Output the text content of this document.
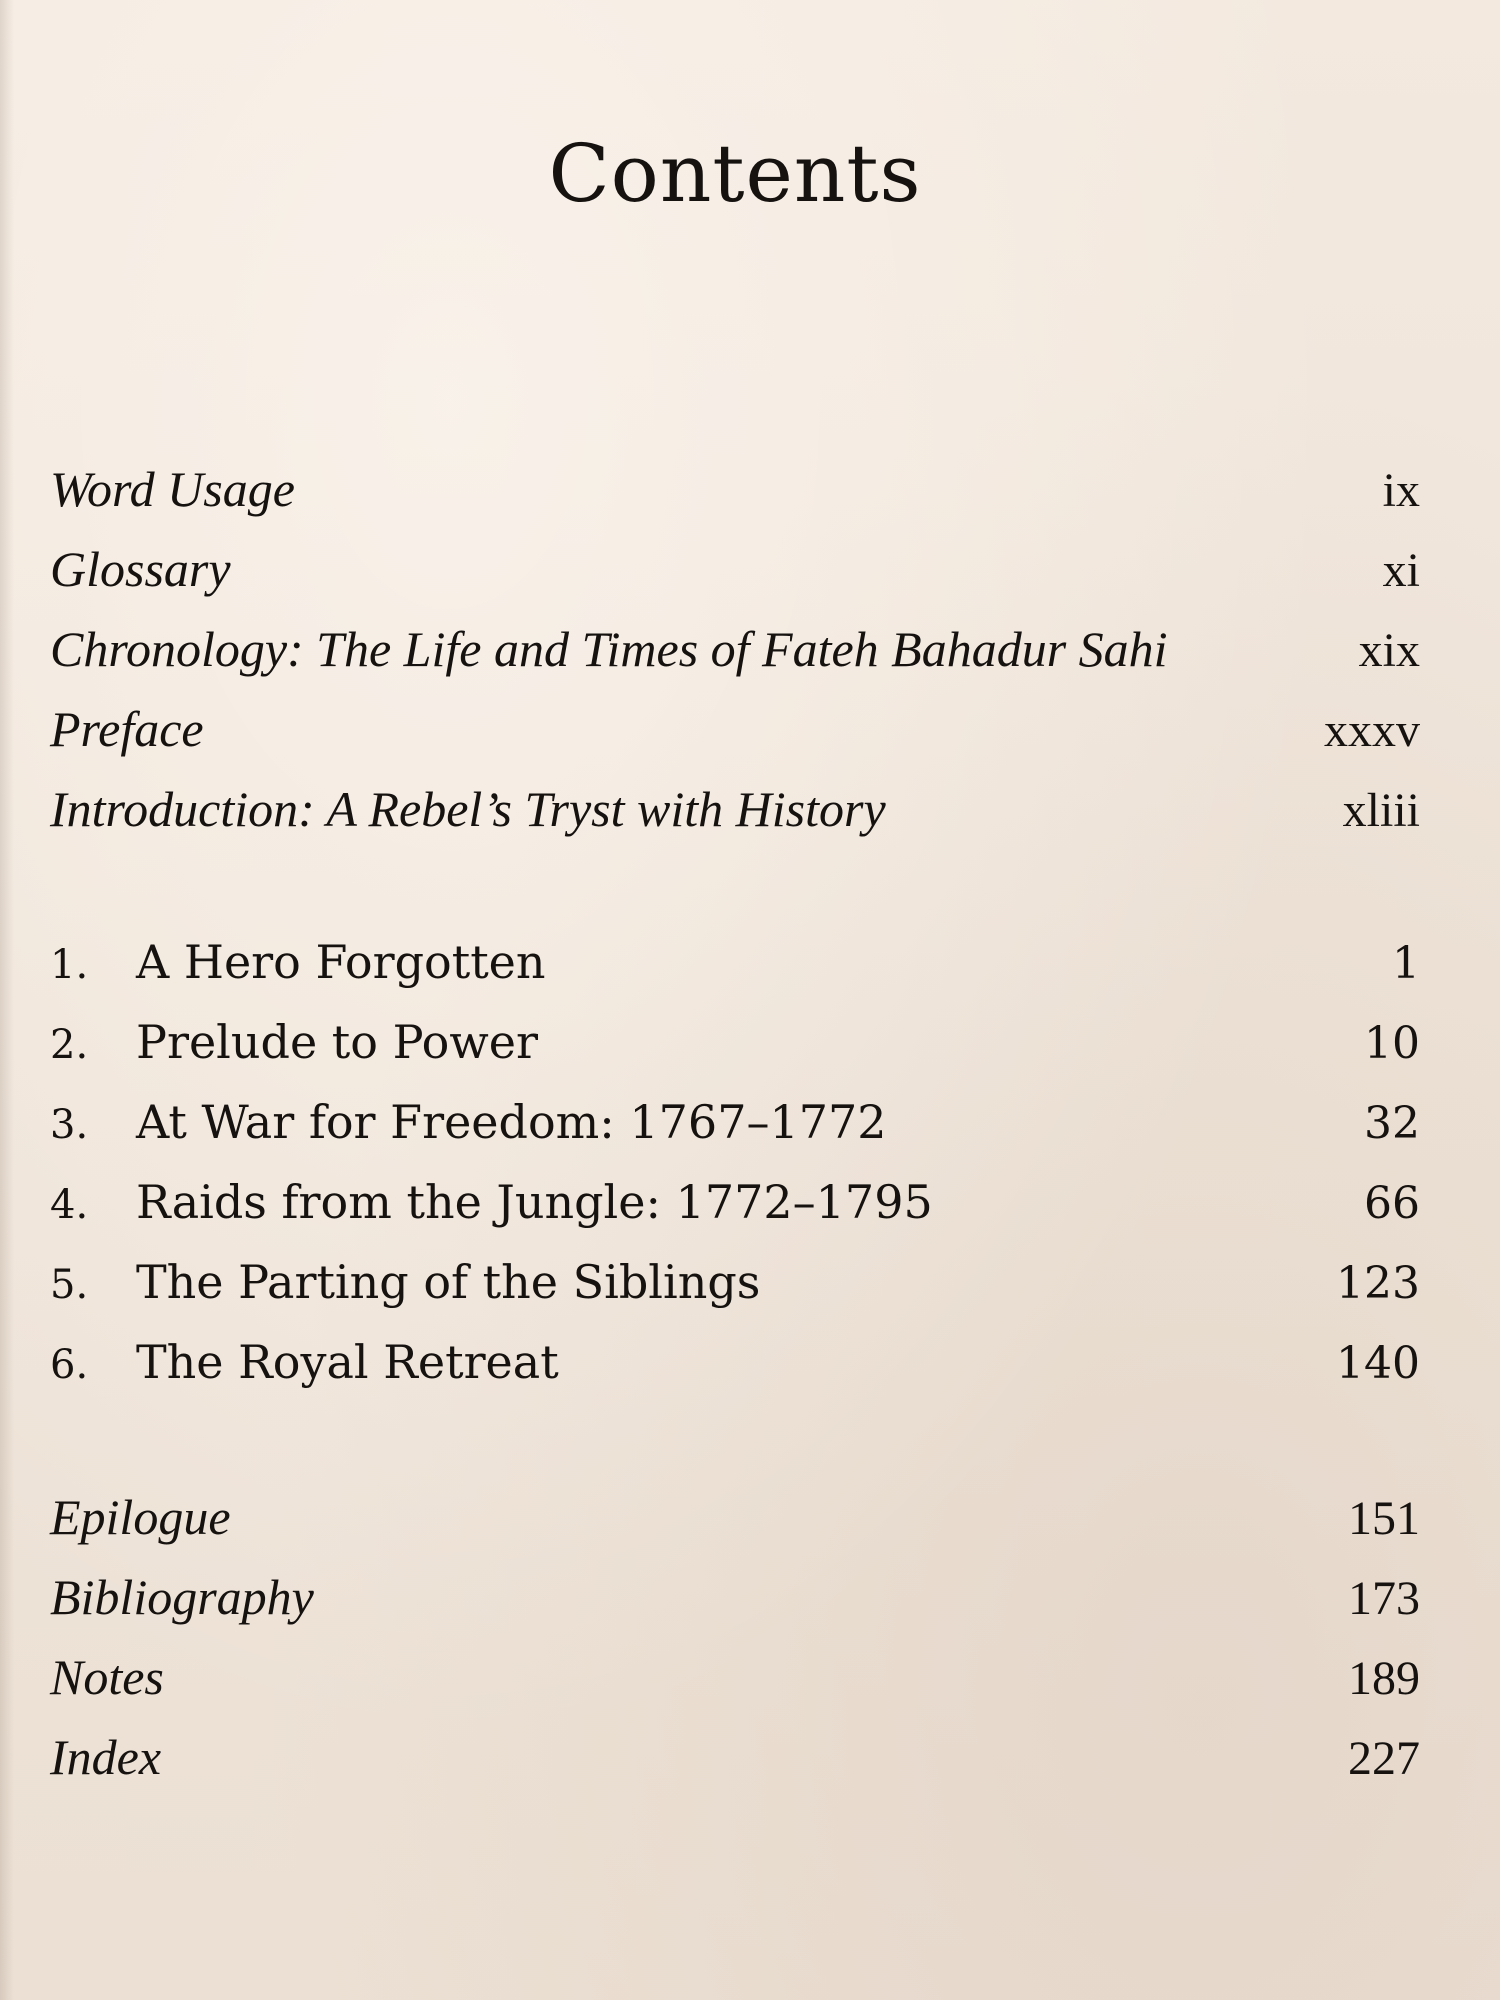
Contents
Word Usage	ix
Glossary	xi
Chronology: The Life and Times of Fateh Bahadur Sahi	xix
Preface	xxxv
Introduction: A Rebel’s Tryst with History	xliii
1. A Hero Forgotten	1
2. Prelude to Power	10
3. At War for Freedom: 1767–1772	32
4. Raids from the Jungle: 1772–1795	66
5. The Parting of the Siblings	123
6. The Royal Retreat	140
Epilogue	151
Bibliography	173
Notes	189
Index	227
